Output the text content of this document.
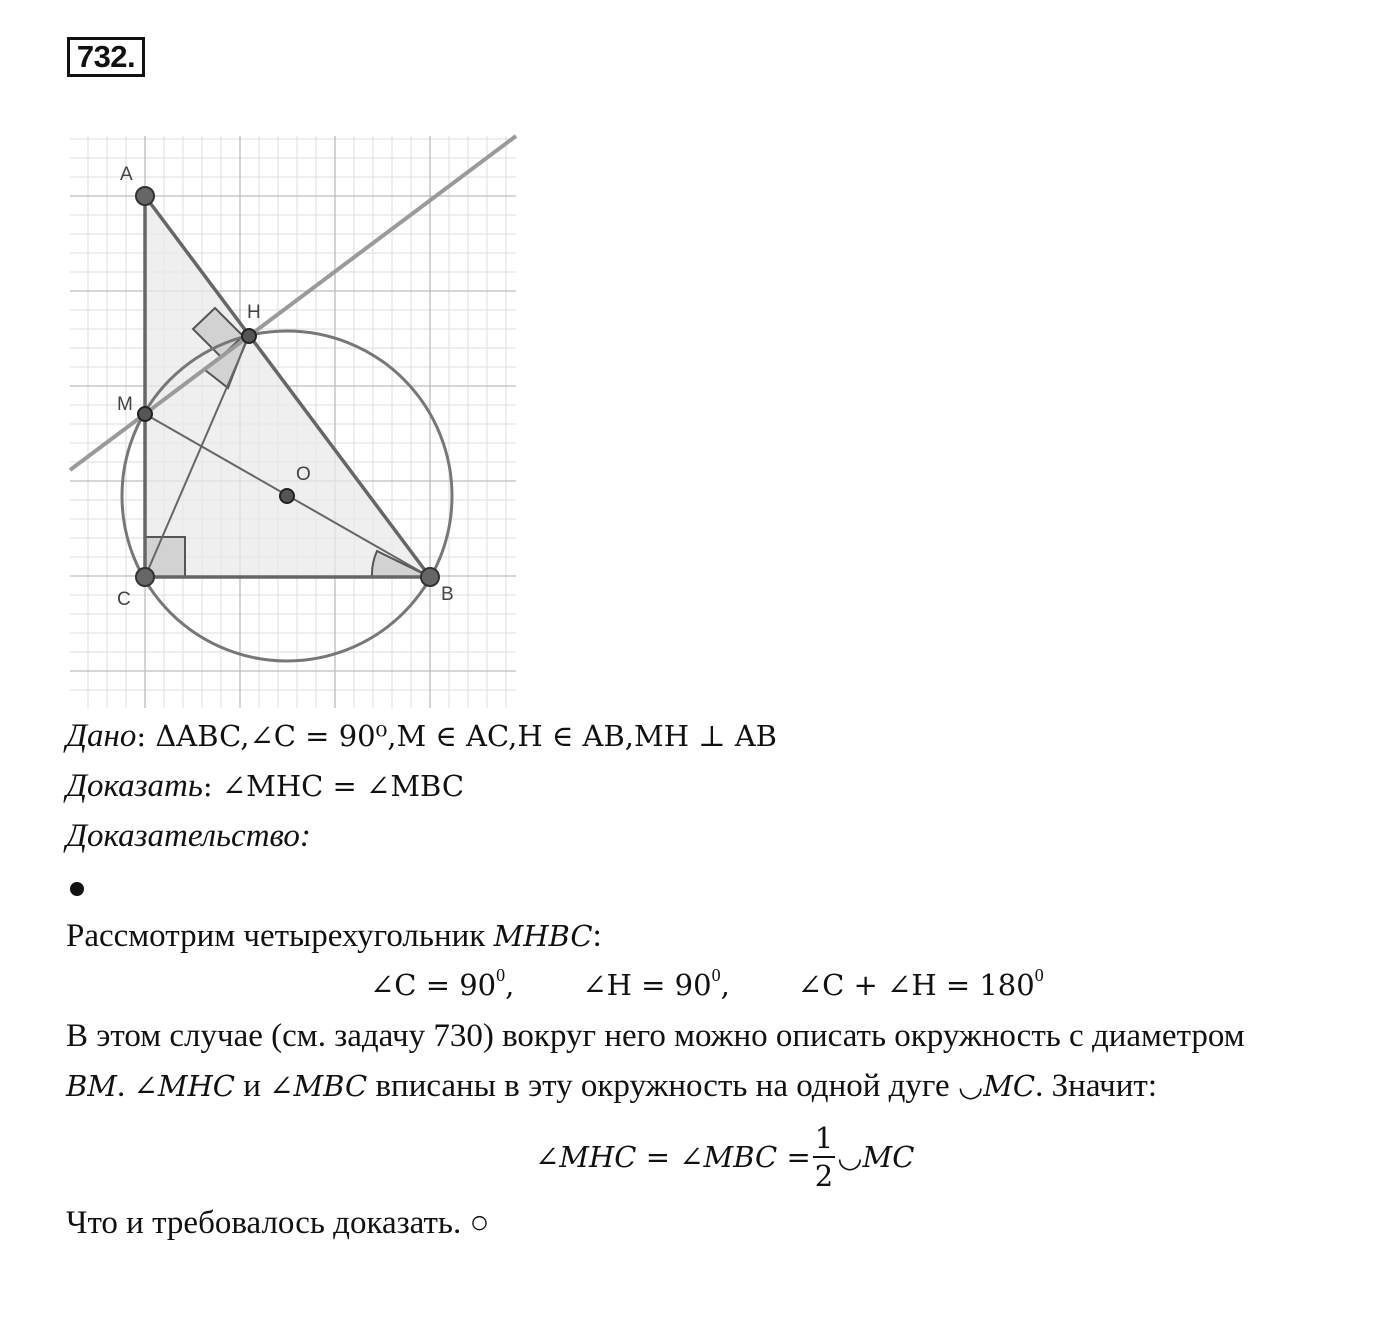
732.
A
H
M
O
C	B
Дано: ΔABC,∠C = 90⁰,M ∈ AC,H ∈ AB,MH ⊥ AB
Доказать: ∠MHC = ∠MBC
Доказательство:
Рассмотрим четырехугольник MHBC:
∠C = $90^0$, ∠H = $90^0$, ∠C + ∠H = $180^0$
В этом случае (см. задачу 730) вокруг него можно описать окружность с диаметром
BM. ∠MHC и ∠MBC вписаны в эту окружность на одной дуге ◡MC. Значит:
∠MHC = ∠MBC = $\frac{1}{2}$ ◡MC
Что и требовалось доказать. ○
